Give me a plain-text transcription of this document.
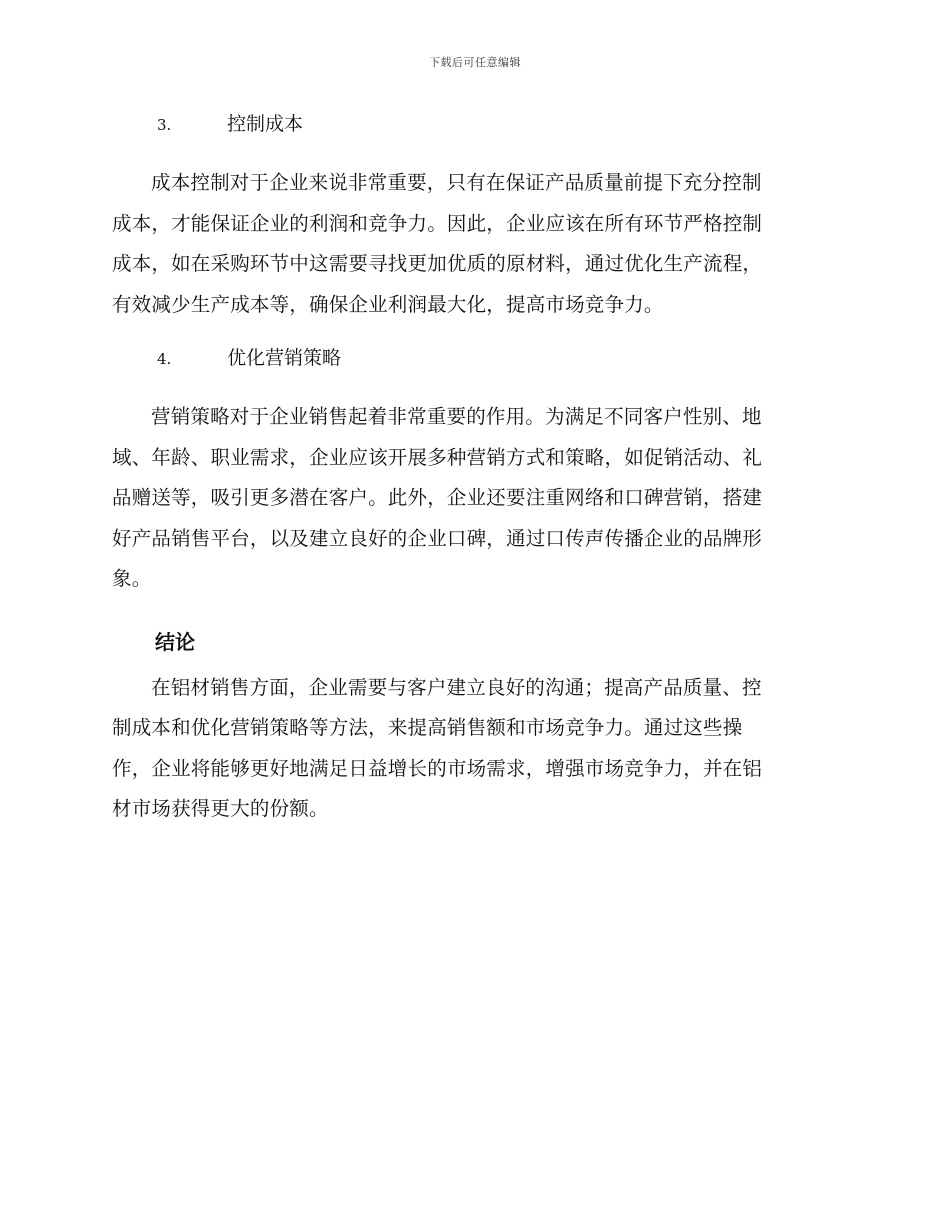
下载后可任意编辑
3.	控制成本
成本控制对于企业来说非常重要，只有在保证产品质量前提下充分控制
成本，才能保证企业的利润和竞争力。因此，企业应该在所有环节严格控制
成本，如在采购环节中这需要寻找更加优质的原材料，通过优化生产流程，
有效减少生产成本等，确保企业利润最大化，提高市场竞争力。
4.	优化营销策略
营销策略对于企业销售起着非常重要的作用。为满足不同客户性别、地
域、年龄、职业需求，企业应该开展多种营销方式和策略，如促销活动、礼
品赠送等，吸引更多潜在客户。此外，企业还要注重网络和口碑营销，搭建
好产品销售平台，以及建立良好的企业口碑，通过口传声传播企业的品牌形
象。
结论
在铝材销售方面，企业需要与客户建立良好的沟通；提高产品质量、控
制成本和优化营销策略等方法，来提高销售额和市场竞争力。通过这些操
作，企业将能够更好地满足日益增长的市场需求，增强市场竞争力，并在铝
材市场获得更大的份额。
